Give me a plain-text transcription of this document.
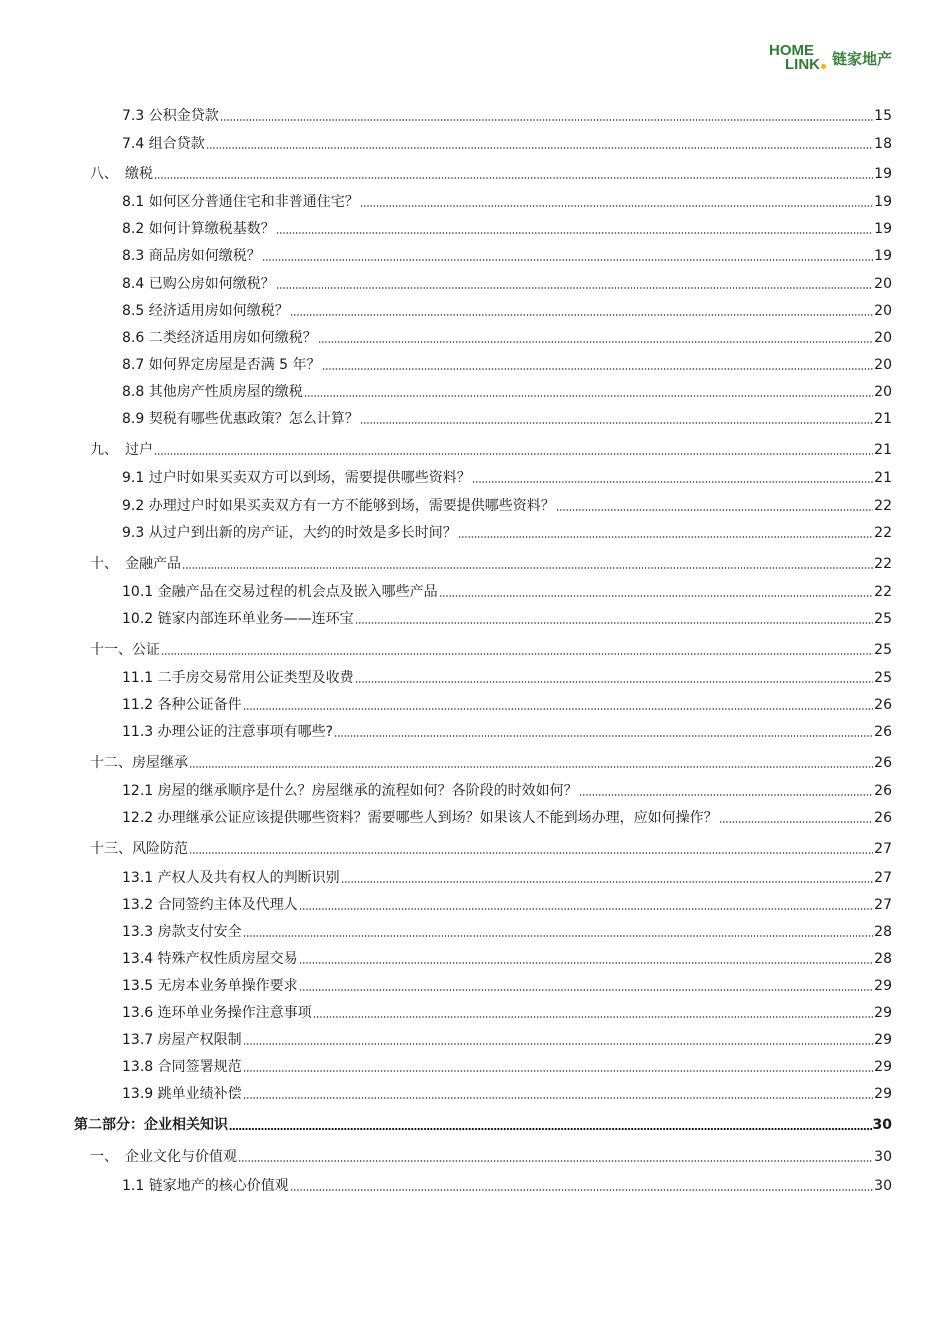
HOME
LINK 链家地产
7.3 公积金贷款	15
7.4 组合贷款	18
八、 缴税	19
8.1 如何区分普通住宅和非普通住宅？	19
8.2 如何计算缴税基数？	19
8.3 商品房如何缴税？	19
8.4 已购公房如何缴税？	20
8.5 经济适用房如何缴税？	20
8.6 二类经济适用房如何缴税？	20
8.7 如何界定房屋是否满 5 年？	20
8.8 其他房产性质房屋的缴税	20
8.9 契税有哪些优惠政策？怎么计算？	21
九、 过户	21
9.1 过户时如果买卖双方可以到场，需要提供哪些资料？	21
9.2 办理过户时如果买卖双方有一方不能够到场，需要提供哪些资料？	22
9.3 从过户到出新的房产证，大约的时效是多长时间？	22
十、 金融产品	22
10.1 金融产品在交易过程的机会点及嵌入哪些产品	22
10.2 链家内部连环单业务——连环宝	25
十一、公证	25
11.1 二手房交易常用公证类型及收费	25
11.2 各种公证备件	26
11.3 办理公证的注意事项有哪些?	26
十二、房屋继承	26
12.1 房屋的继承顺序是什么？房屋继承的流程如何？各阶段的时效如何？	26
12.2 办理继承公证应该提供哪些资料？需要哪些人到场？如果该人不能到场办理，应如何操作？	26
十三、风险防范	27
13.1 产权人及共有权人的判断识别	27
13.2 合同签约主体及代理人	27
13.3 房款支付安全	28
13.4 特殊产权性质房屋交易	28
13.5 无房本业务单操作要求	29
13.6 连环单业务操作注意事项	29
13.7 房屋产权限制	29
13.8 合同签署规范	29
13.9 跳单业绩补偿	29
第二部分：企业相关知识	30
一、 企业文化与价值观	30
1.1 链家地产的核心价值观	30
